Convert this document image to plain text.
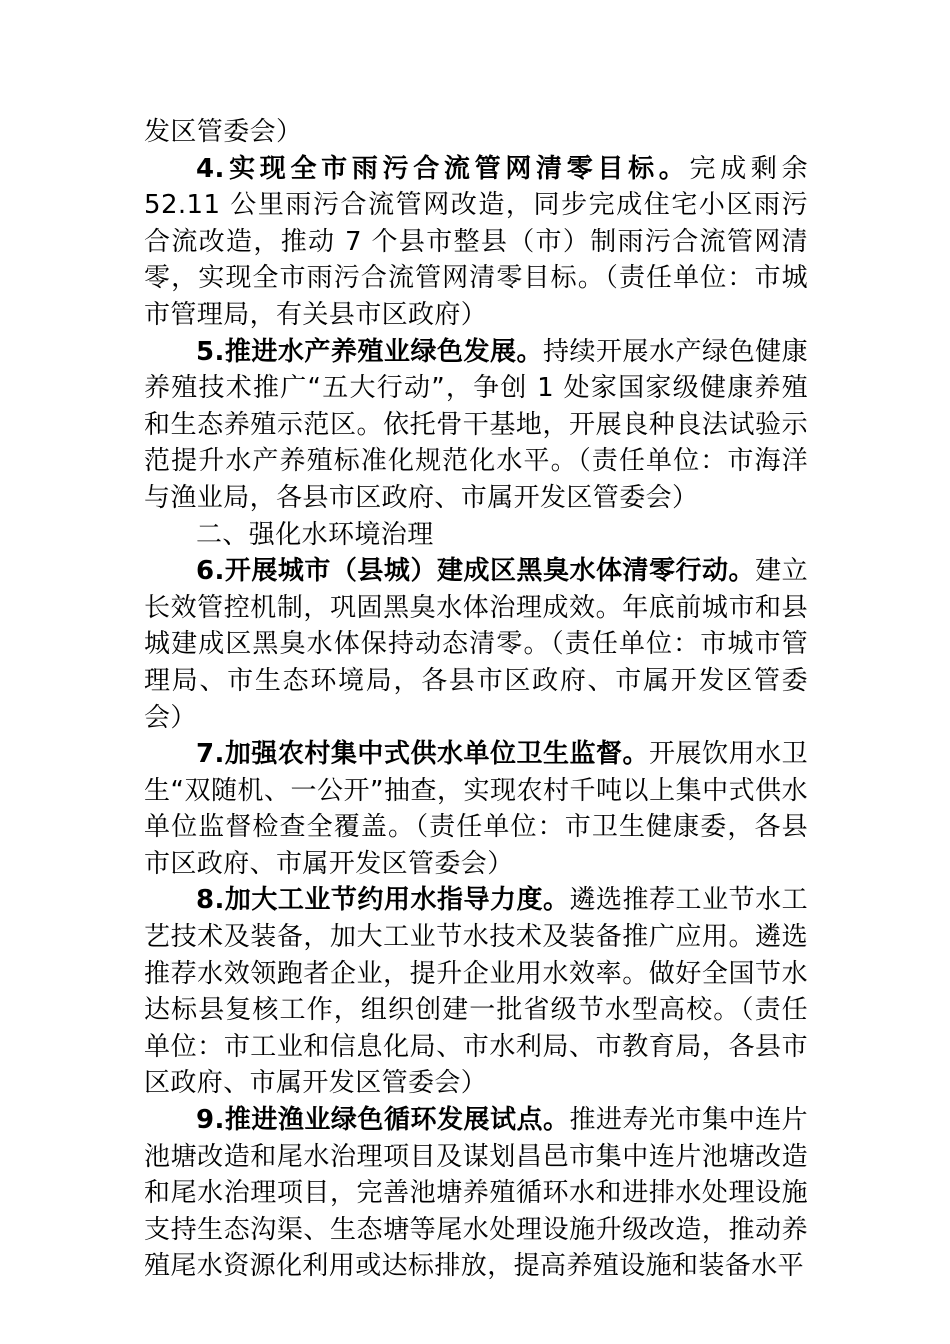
发区管委会）

4.实现全市雨污合流管网清零目标。完成剩余 52.11 公里雨污合流管网改造，同步完成住宅小区雨污合流改造，推动 7 个县市整县（市）制雨污合流管网清零，实现全市雨污合流管网清零目标。（责任单位：市城市管理局，有关县市区政府）

5.推进水产养殖业绿色发展。持续开展水产绿色健康养殖技术推广“五大行动”，争创 1 处家国家级健康养殖和生态养殖示范区。依托骨干基地，开展良种良法试验示范提升水产养殖标准化规范化水平。（责任单位：市海洋与渔业局，各县市区政府、市属开发区管委会）

二、强化水环境治理

6.开展城市（县城）建成区黑臭水体清零行动。建立长效管控机制，巩固黑臭水体治理成效。年底前城市和县城建成区黑臭水体保持动态清零。（责任单位：市城市管理局、市生态环境局，各县市区政府、市属开发区管委会）

7.加强农村集中式供水单位卫生监督。开展饮用水卫生“双随机、一公开”抽查，实现农村千吨以上集中式供水单位监督检查全覆盖。（责任单位：市卫生健康委，各县市区政府、市属开发区管委会）

8.加大工业节约用水指导力度。遴选推荐工业节水工艺技术及装备，加大工业节水技术及装备推广应用。遴选推荐水效领跑者企业，提升企业用水效率。做好全国节水达标县复核工作，组织创建一批省级节水型高校。（责任单位：市工业和信息化局、市水利局、市教育局，各县市区政府、市属开发区管委会）

9.推进渔业绿色循环发展试点。推进寿光市集中连片池塘改造和尾水治理项目及谋划昌邑市集中连片池塘改造和尾水治理项目，完善池塘养殖循环水和进排水处理设施支持生态沟渠、生态塘等尾水处理设施升级改造，推动养殖尾水资源化利用或达标排放，提高养殖设施和装备水平
